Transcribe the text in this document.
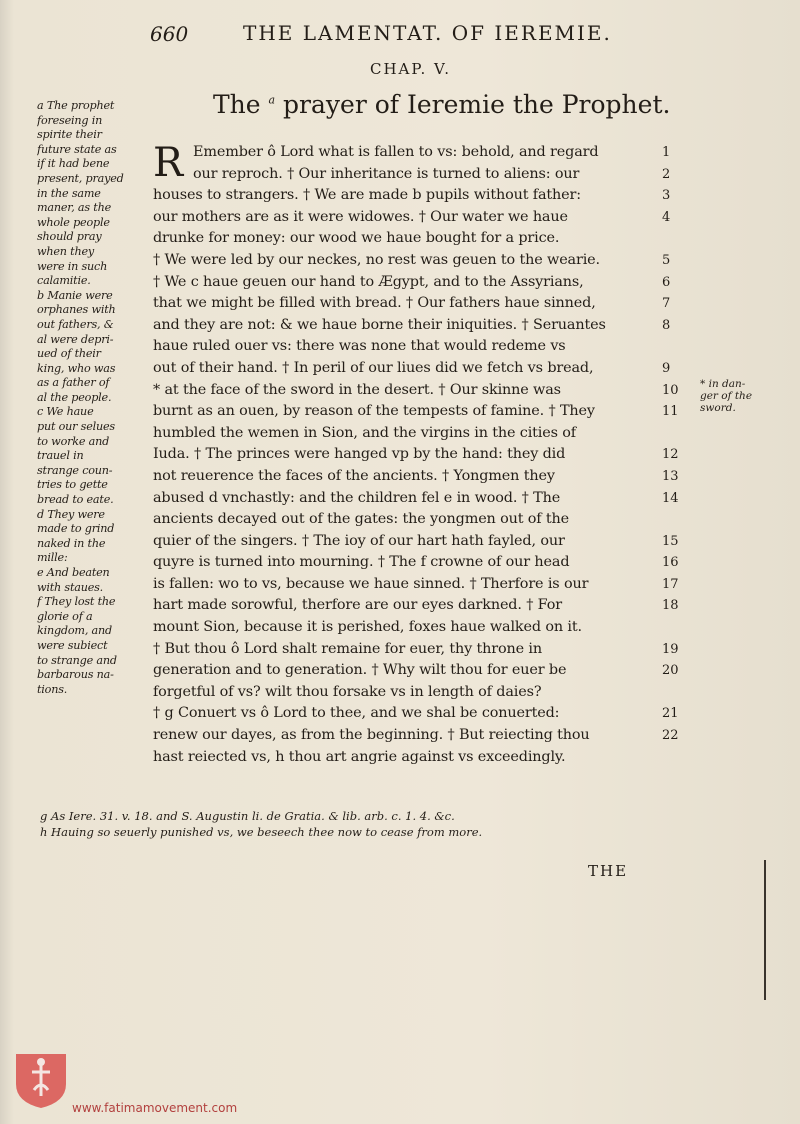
660	THE LAMENTAT. OF IEREMIE.
CHAP. V.
The $^a$ prayer of Ieremie the Prophet.
a The prophet
foreseing in
spirite their
future state as
if it had bene
present, prayed
in the same
maner, as the
whole people
should pray
when they
were in such
calamitie.
b Manie were
orphanes with
out fathers, &
al were depri-
ued of their
king, who was
as a father of
al the people.
c We haue
put our selues
to worke and
trauel in
strange coun-
tries to gette
bread to eate.
d They were
made to grind
naked in the
mille:
e And beaten
with staues.
f They lost the
glorie of a
kingdom, and
were subiect
to strange and
barbarous na-
tions.
R Emember ô Lord what is fallen to vs: behold, and regard
our reproch. † Our inheritance is turned to aliens: our
houses to strangers. † We are made b pupils without father:
our mothers are as it were widowes. † Our water we haue
drunke for money: our wood we haue bought for a price.
† We were led by our neckes, no rest was geuen to the wearie.
† We c haue geuen our hand to Ægypt, and to the Assyrians,
that we might be filled with bread. † Our fathers haue sinned,
and they are not: & we haue borne their iniquities. † Seruantes
haue ruled ouer vs: there was none that would redeme vs
out of their hand. † In peril of our liues did we fetch vs bread,
* at the face of the sword in the desert. † Our skinne was
burnt as an ouen, by reason of the tempests of famine. † They
humbled the wemen in Sion, and the virgins in the cities of
Iuda. † The princes were hanged vp by the hand: they did
not reuerence the faces of the ancients. † Yongmen they
abused d vnchastly: and the children fel e in wood. † The
ancients decayed out of the gates: the yongmen out of the
quier of the singers. † The ioy of our hart hath fayled, our
quyre is turned into mourning. † The f crowne of our head
is fallen: wo to vs, because we haue sinned. † Therfore is our
hart made sorowful, therfore are our eyes darkned. † For
mount Sion, because it is perished, foxes haue walked on it.
† But thou ô Lord shalt remaine for euer, thy throne in
generation and to generation. † Why wilt thou for euer be
forgetful of vs? wilt thou forsake vs in length of daies?
† g Conuert vs ô Lord to thee, and we shal be conuerted:
renew our dayes, as from the beginning. † But reiecting thou
hast reiected vs, h thou art angrie against vs exceedingly.
1
2
3
4
5
6
7
8
9
10
11
12
13
14
15
16
17
18
19
20
21
22
* in dan-
ger of the
sword.
g As Iere. 31. v. 18. and S. Augustin li. de Gratia. & lib. arb. c. 1. 4. &c.
h Hauing so seuerly punished vs, we beseech thee now to cease from more.
THE
www.fatimamovement.com
